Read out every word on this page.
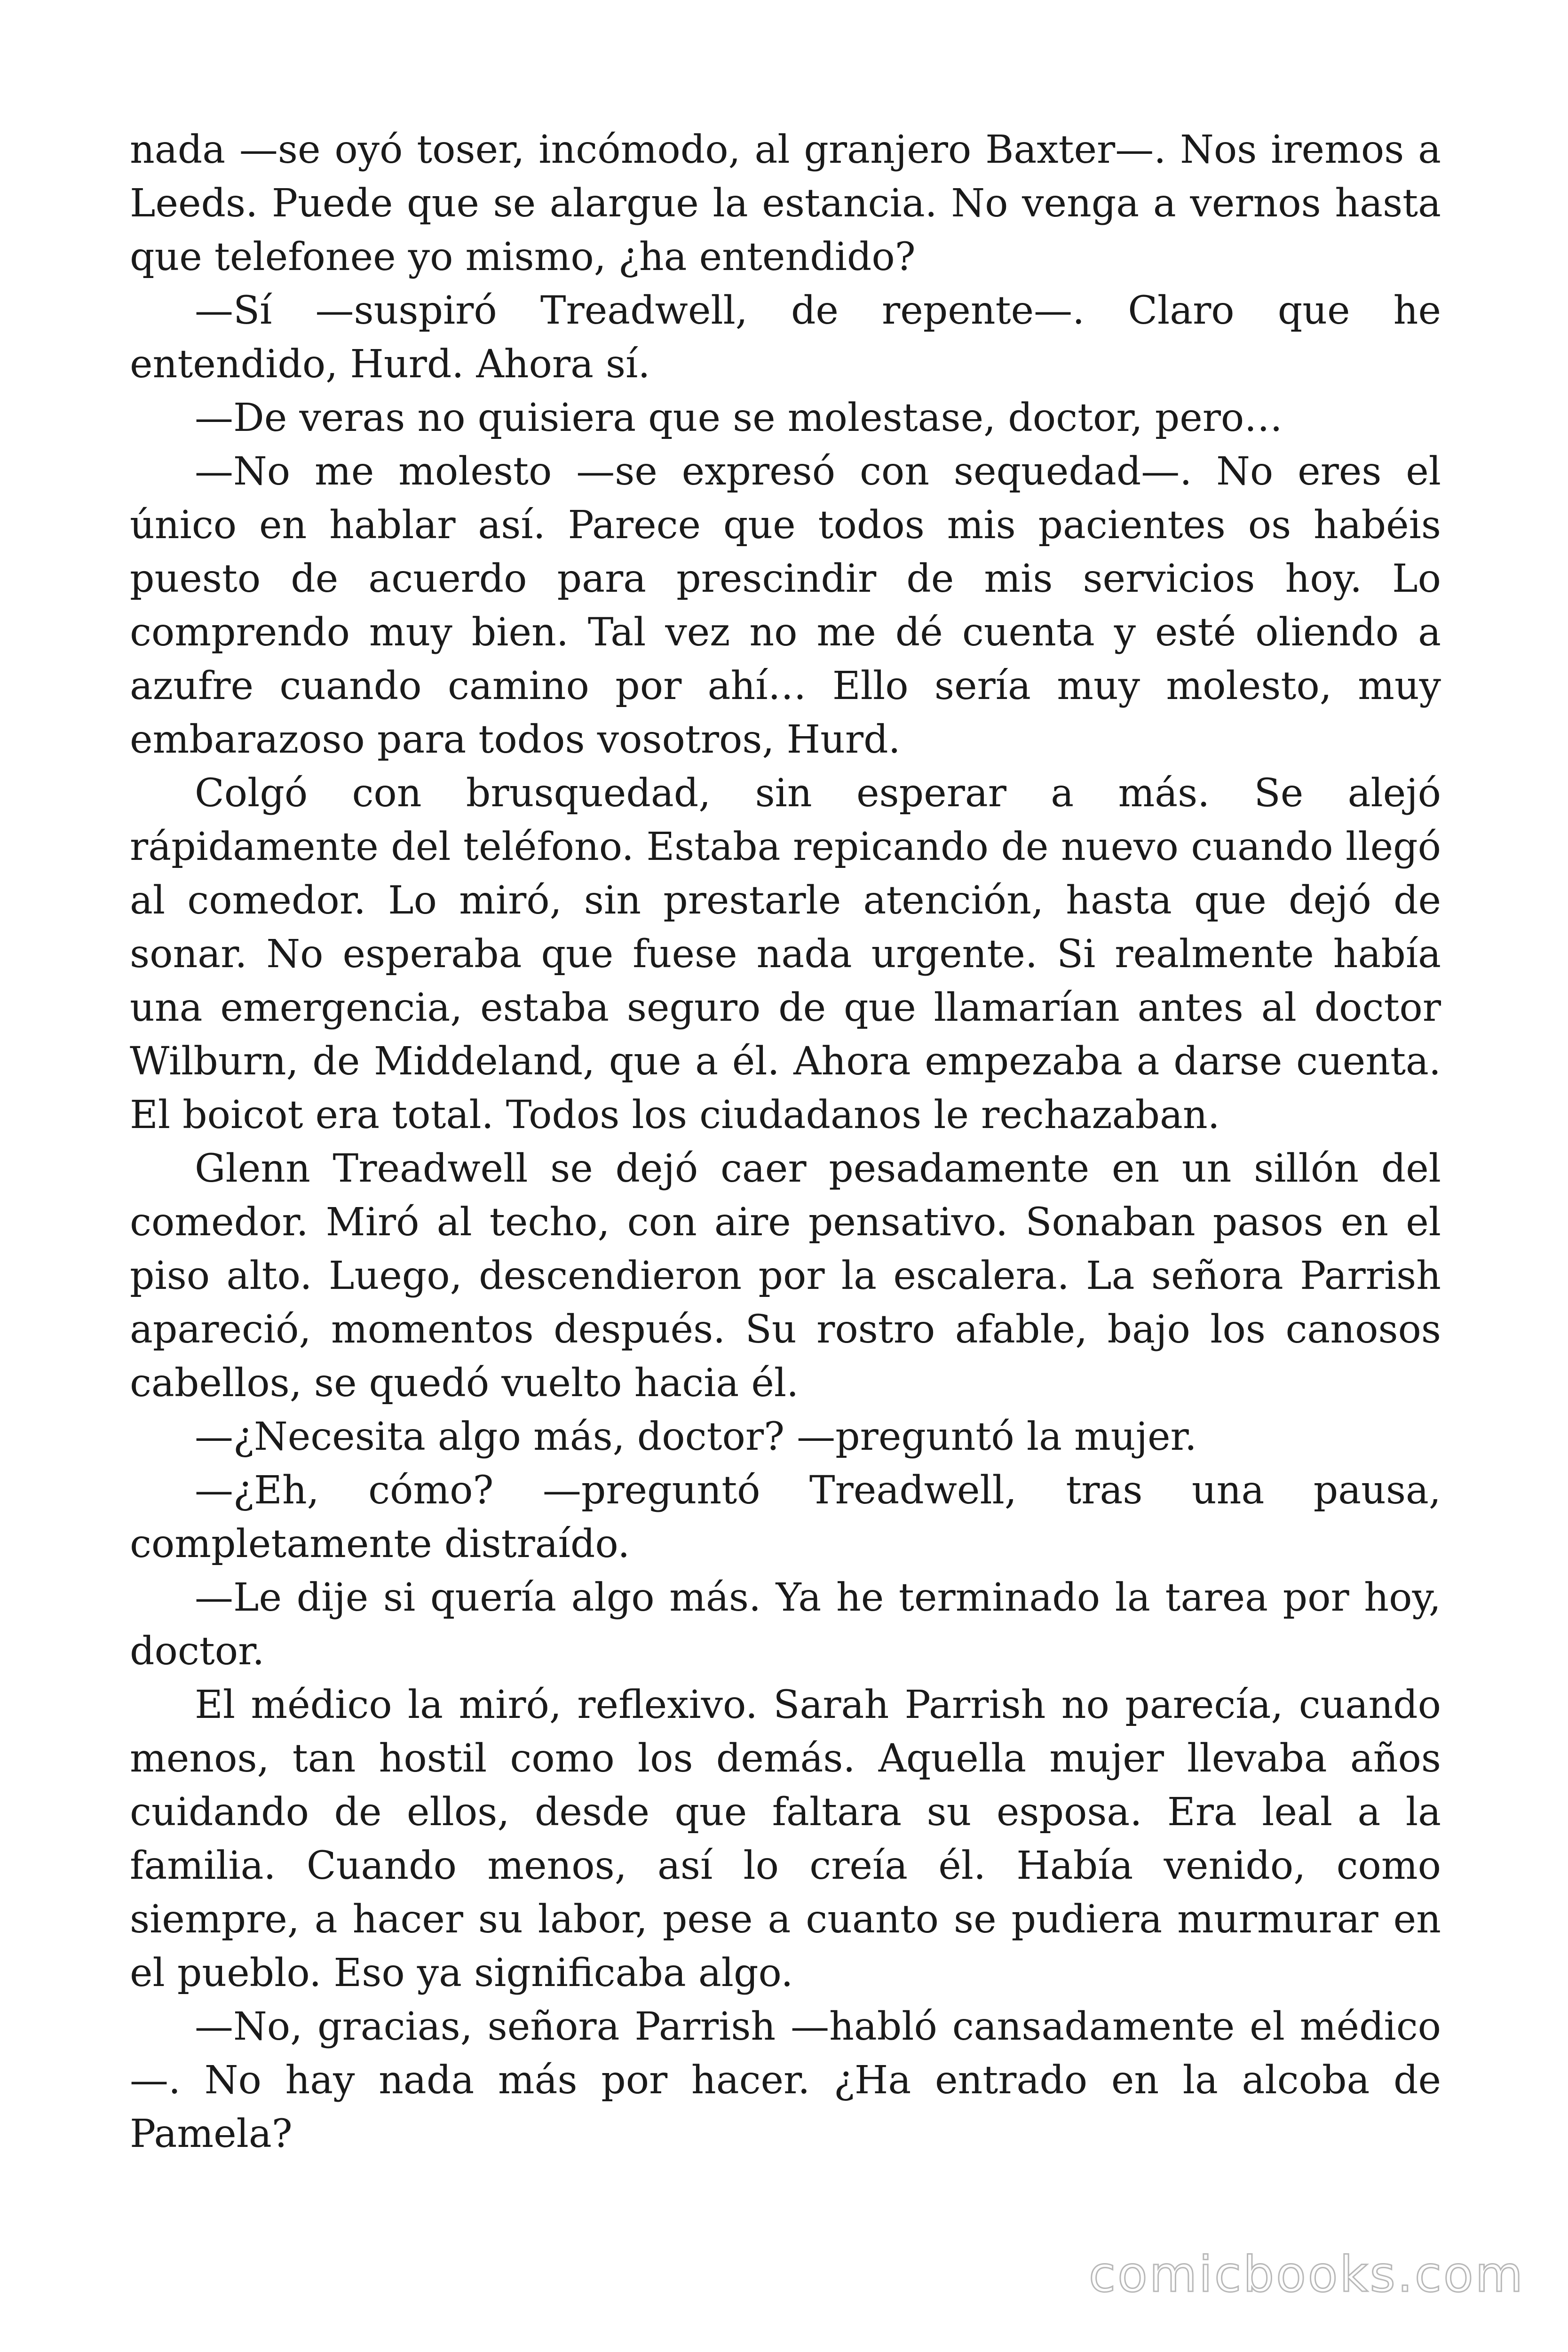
nada —se oyó toser, incómodo, al granjero Baxter—. Nos iremos a Leeds. Puede que se alargue la estancia. No venga a vernos hasta que telefonee yo mismo, ¿ha entendido?

—Sí —suspiró Treadwell, de repente—. Claro que he entendido, Hurd. Ahora sí.

—De veras no quisiera que se molestase, doctor, pero…

—No me molesto —se expresó con sequedad—. No eres el único en hablar así. Parece que todos mis pacientes os habéis puesto de acuerdo para prescindir de mis servicios hoy. Lo comprendo muy bien. Tal vez no me dé cuenta y esté oliendo a azufre cuando camino por ahí… Ello sería muy molesto, muy embarazoso para todos vosotros, Hurd.

Colgó con brusquedad, sin esperar a más. Se alejó rápidamente del teléfono. Estaba repicando de nuevo cuando llegó al comedor. Lo miró, sin prestarle atención, hasta que dejó de sonar. No esperaba que fuese nada urgente. Si realmente había una emergencia, estaba seguro de que llamarían antes al doctor Wilburn, de Middeland, que a él. Ahora empezaba a darse cuenta. El boicot era total. Todos los ciudadanos le rechazaban.

Glenn Treadwell se dejó caer pesadamente en un sillón del comedor. Miró al techo, con aire pensativo. Sonaban pasos en el piso alto. Luego, descendieron por la escalera. La señora Parrish apareció, momentos después. Su rostro afable, bajo los canosos cabellos, se quedó vuelto hacia él.

—¿Necesita algo más, doctor? —preguntó la mujer.

—¿Eh, cómo? —preguntó Treadwell, tras una pausa, completamente distraído.

—Le dije si quería algo más. Ya he terminado la tarea por hoy, doctor.

El médico la miró, reflexivo. Sarah Parrish no parecía, cuando menos, tan hostil como los demás. Aquella mujer llevaba años cuidando de ellos, desde que faltara su esposa. Era leal a la familia. Cuando menos, así lo creía él. Había venido, como siempre, a hacer su labor, pese a cuanto se pudiera murmurar en el pueblo. Eso ya significaba algo.

—No, gracias, señora Parrish —habló cansadamente el médico —. No hay nada más por hacer. ¿Ha entrado en la alcoba de Pamela?

comicbooks.com
